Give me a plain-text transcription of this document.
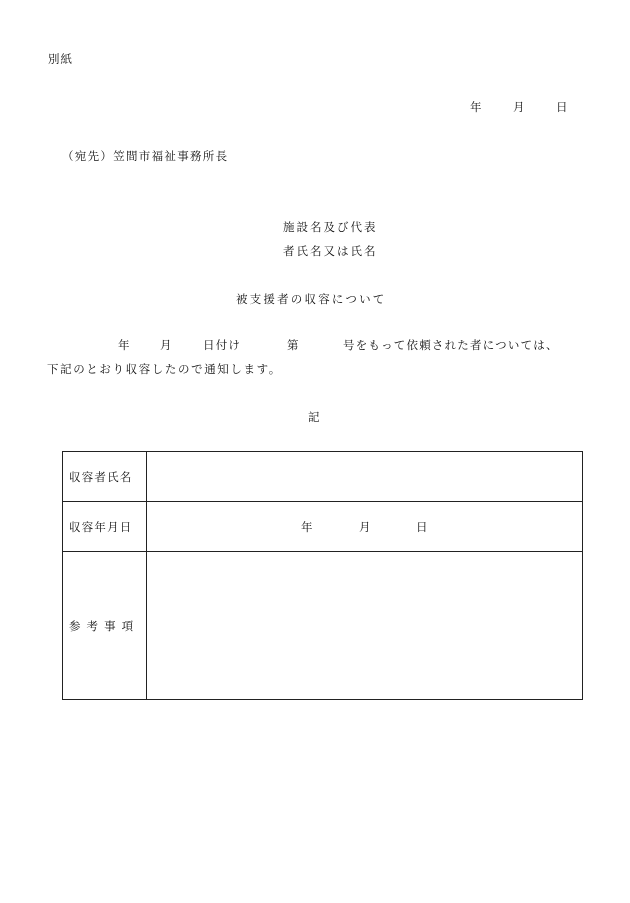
別紙
年	月	日
（宛先）笠間市福祉事務所長
施設名及び代表
者氏名又は氏名
被支援者の収容について
年	月	日付け	第	号をもって依頼された者については、
下記のとおり収容したので通知します。
記
収容者氏名
収容年月日	年	月	日
参 考 事 項
